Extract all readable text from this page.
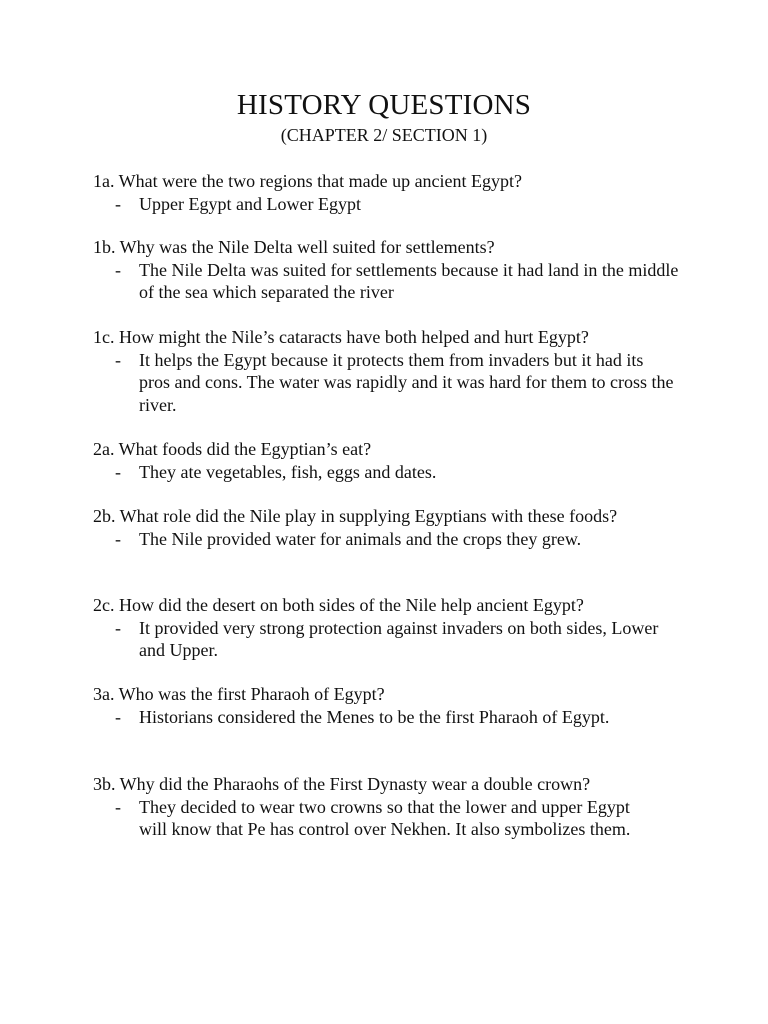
HISTORY QUESTIONS
(CHAPTER 2/ SECTION 1)

1a. What were the two regions that made up ancient Egypt?

- Upper Egypt and Lower Egypt

1b. Why was the Nile Delta well suited for settlements?

- The Nile Delta was suited for settlements because it had land in the middle of the sea which separated the river

1c. How might the Nile’s cataracts have both helped and hurt Egypt?

- It helps the Egypt because it protects them from invaders but it had its pros and cons. The water was rapidly and it was hard for them to cross the river.

2a. What foods did the Egyptian’s eat?

- They ate vegetables, fish, eggs and dates.

2b. What role did the Nile play in supplying Egyptians with these foods?

- The Nile provided water for animals and the crops they grew.

2c. How did the desert on both sides of the Nile help ancient Egypt?

- It provided very strong protection against invaders on both sides, Lower and Upper.

3a. Who was the first Pharaoh of Egypt?

- Historians considered the Menes to be the first Pharaoh of Egypt.

3b. Why did the Pharaohs of the First Dynasty wear a double crown?

- They decided to wear two crowns so that the lower and upper Egypt will know that Pe has control over Nekhen. It also symbolizes them.
